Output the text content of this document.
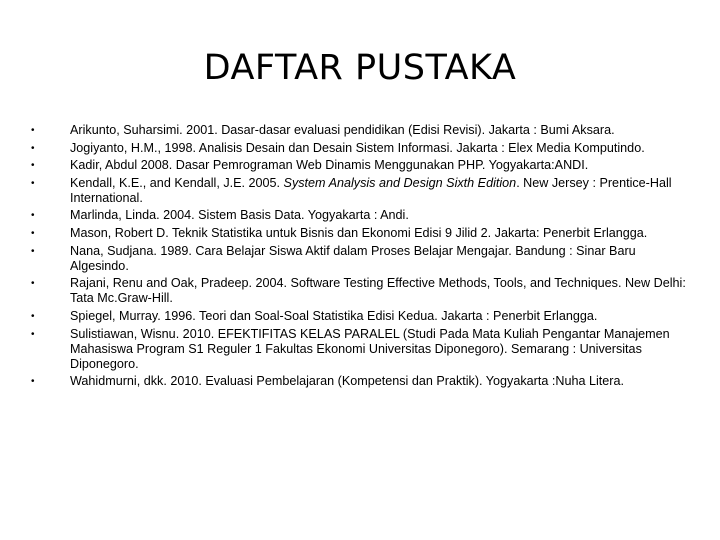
DAFTAR PUSTAKA
•	Arikunto, Suharsimi. 2001. Dasar-dasar evaluasi pendidikan (Edisi Revisi). Jakarta : Bumi Aksara.
•	Jogiyanto, H.M., 1998. Analisis Desain dan Desain Sistem Informasi. Jakarta : Elex Media Komputindo.
•	Kadir, Abdul 2008. Dasar Pemrograman Web Dinamis Menggunakan PHP. Yogyakarta:ANDI.
•	Kendall, K.E., and Kendall, J.E. 2005. System Analysis and Design Sixth Edition. New Jersey : Prentice-Hall International.
•	Marlinda, Linda. 2004. Sistem Basis Data. Yogyakarta : Andi.
•	Mason, Robert D. Teknik Statistika untuk Bisnis dan Ekonomi Edisi 9 Jilid 2. Jakarta: Penerbit Erlangga.
•	Nana, Sudjana. 1989. Cara Belajar Siswa Aktif dalam Proses Belajar Mengajar. Bandung : Sinar Baru Algesindo.
•	Rajani, Renu and Oak, Pradeep. 2004. Software Testing Effective Methods, Tools, and Techniques. New Delhi: Tata Mc.Graw-Hill.
•	Spiegel, Murray. 1996. Teori dan Soal-Soal Statistika Edisi Kedua. Jakarta : Penerbit Erlangga.
•	Sulistiawan, Wisnu. 2010. EFEKTIFITAS KELAS PARALEL (Studi Pada Mata Kuliah Pengantar Manajemen Mahasiswa Program S1 Reguler 1 Fakultas Ekonomi Universitas Diponegoro). Semarang : Universitas Diponegoro.
•	Wahidmurni, dkk. 2010. Evaluasi Pembelajaran (Kompetensi dan Praktik). Yogyakarta :Nuha Litera.
